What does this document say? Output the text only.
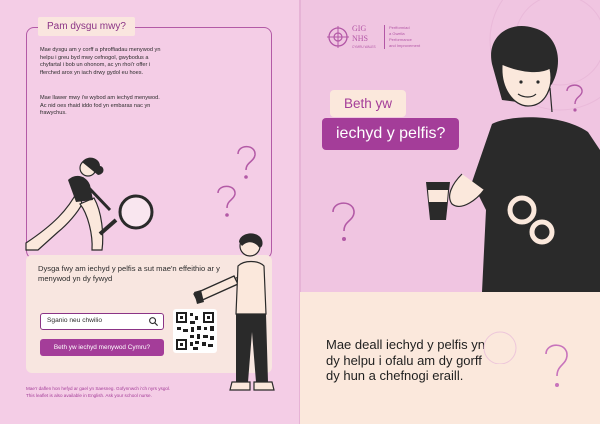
Pam dysgu mwy?

Mae dysgu am y corff a phroffiadau menywod yn helpu i greu byd mwy cefnogol, gwybodus a chyfartal i bob un ohonom, ac yn rhoi'r offer i fferched arox yn iach drwy gydol eu hoes.

Mae llawer mwy i'w wybod am iechyd menywod. Ac nid oes rhaid iddo fod yn embaras nac yn frawychus.

Dysga fwy am iechyd y pelfis a sut mae'n effeithio ar y menywod yn dy fywyd

Sganio neu chwilio
Beth yw iechyd menywod Cymru?

Mae'r daflen hon hefyd ar gael yn Saesneg. Gofynnwch i'ch nyrs ysgol.
This leaflet is also available in English. Ask your school nurse.

GIG
NHS
CYMRU WALES
Perfformiad
a Gwella
Performance
and Improvement
Beth yw
iechyd y pelfis?

Mae deall iechyd y pelfis yn dy helpu i ofalu am dy gorff dy hun a chefnogi eraill.
